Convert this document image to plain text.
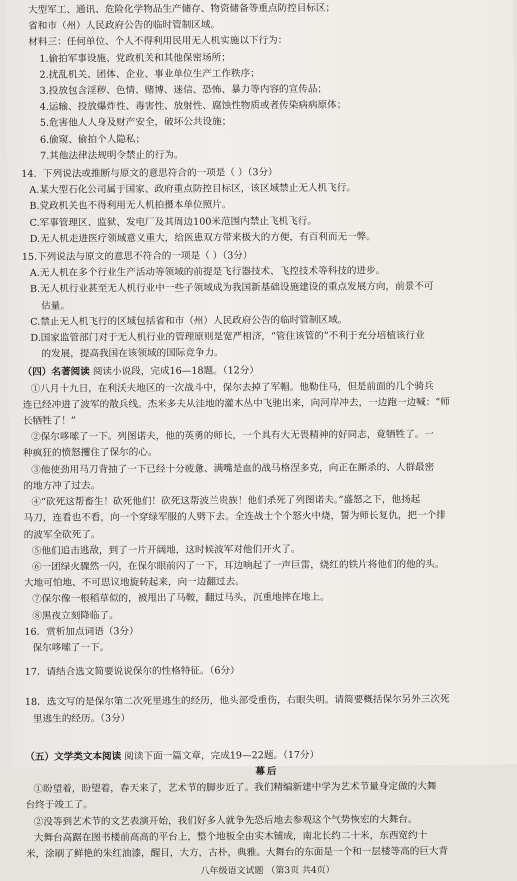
大型军工、通讯、危险化学物品生产储存、物资储备等重点防控目标区；
省和市（州）人民政府公告的临时管制区域。
材料三：任何单位、个人不得利用民用无人机实施以下行为：
1.偷拍军事设施、党政机关和其他保密场所；
2.扰乱机关、团体、企业、事业单位生产工作秩序；
3.投放包含淫秽、色情、赌博、迷信、恐怖、暴力等内容的宣传品；
4.运输、投放爆炸性、毒害性、放射性、腐蚀性物质或者传染病病原体；
5.危害他人人身及财产安全，破坏公共设施；
6.偷窥、偷拍个人隐私；
7.其他法律法规明令禁止的行为。
14．下列说法或推断与原文的意思符合的一项是（ ）（3分）
A.某大型石化公司属于国家、政府重点防控目标区，该区域禁止无人机飞行。
B.党政机关也不得利用无人机拍摄本单位照片。
C.军事管理区、监狱、发电厂及其周边100米范围内禁止飞机飞行。
D.无人机走进医疗领域意义重大，给医患双方带来极大的方便，有百利而无一弊。
15.下列说法与原文的意思不符合的一项是（ ）（3分）
A.无人机在多个行业生产活动等领域的前提是飞行器技术、飞控技术等科技的进步。
B.无人机行业甚至无人机行业中一些子领域成为我国新基础设施建设的重点发展方向，前景不可
估量。
C.禁止无人机飞行的区域包括省和市（州）人民政府公告的临时管制区域。
D.国家监管部门对于无人机行业的管理原则是宽严相济，“管住该管的”不利于充分培植该行业
的发展，提高我国在该领域的国际竞争力。
（四）名著阅读 阅读小说段，完成16—18题。（12分）
①八月十九日，在利沃夫地区的一次战斗中，保尔去掉了军帽。他勒住马，但是前面的几个骑兵
连已经冲进了波军的散兵线。杰米多夫从洼地的灌木丛中飞驰出来，向河岸冲去，一边跑一边喊：“师
长牺牲了！”
②保尔哆嗦了一下。列图诺夫，他的英勇的师长，一个具有大无畏精神的好同志，竟牺牲了。一
种疯狂的愤怒攫住了保尔的心。
③他使劲用马刀背抽了一下已经十分疲惫、满嘴是血的战马格涅多克，向正在厮杀的、人群最密
的地方冲了过去。
④“砍死这帮畜生！砍死他们！砍死这帮波兰贵族！他们杀死了列图诺夫。”盛怒之下，他扬起
马刀，连看也不看，向一个穿绿军服的人劈下去。全连战士个个怒火中烧，誓为师长复仇，把一个排
的波军全砍死了。
⑤他们追击逃敌，到了一片开阔地，这时候波军对他们开火了。
⑥一团绿火骤然一闪，在保尔眼前闪了一下，耳边响起了一声巨雷，烧红的铁片将他们的他的头。
大地可怕地、不可思议地旋转起来，向一边翻过去。
⑦保尔像一根稻草似的，被甩出了马鞍，翻过马头，沉重地摔在地上。
⑧黑夜立刻降临了。
16．赏析加点词语（3分）
保尔哆嗦了一下。
17．请结合选文简要说说保尔的性格特征。（6分）
18．选文写的是保尔第二次死里逃生的经历，他头部受重伤，右眼失明。请简要概括保尔另外三次死
里逃生的经历。（3分）
（五）文学类文本阅读 阅读下面一篇文章，完成19—22题。（17分）
幕后
①盼望着，盼望着，春天来了，艺术节的脚步近了。我们精编新建中学为艺术节量身定做的大舞
台终于竣工了。
②没等到艺术节的文艺表演开始，我们好多人就争先恐后地去参观这个气势恢宏的大舞台。
大舞台高踞在图书楼前高高的平台上，整个地板全由实木铺成，南北长约二十米，东西宽约十
米，涂刷了鲜艳的朱红油漆，醒目，大方，古朴，典雅。大舞台的东面是一个和一层楼等高的巨大背
八年级语文试题 （第3页 共4页）
